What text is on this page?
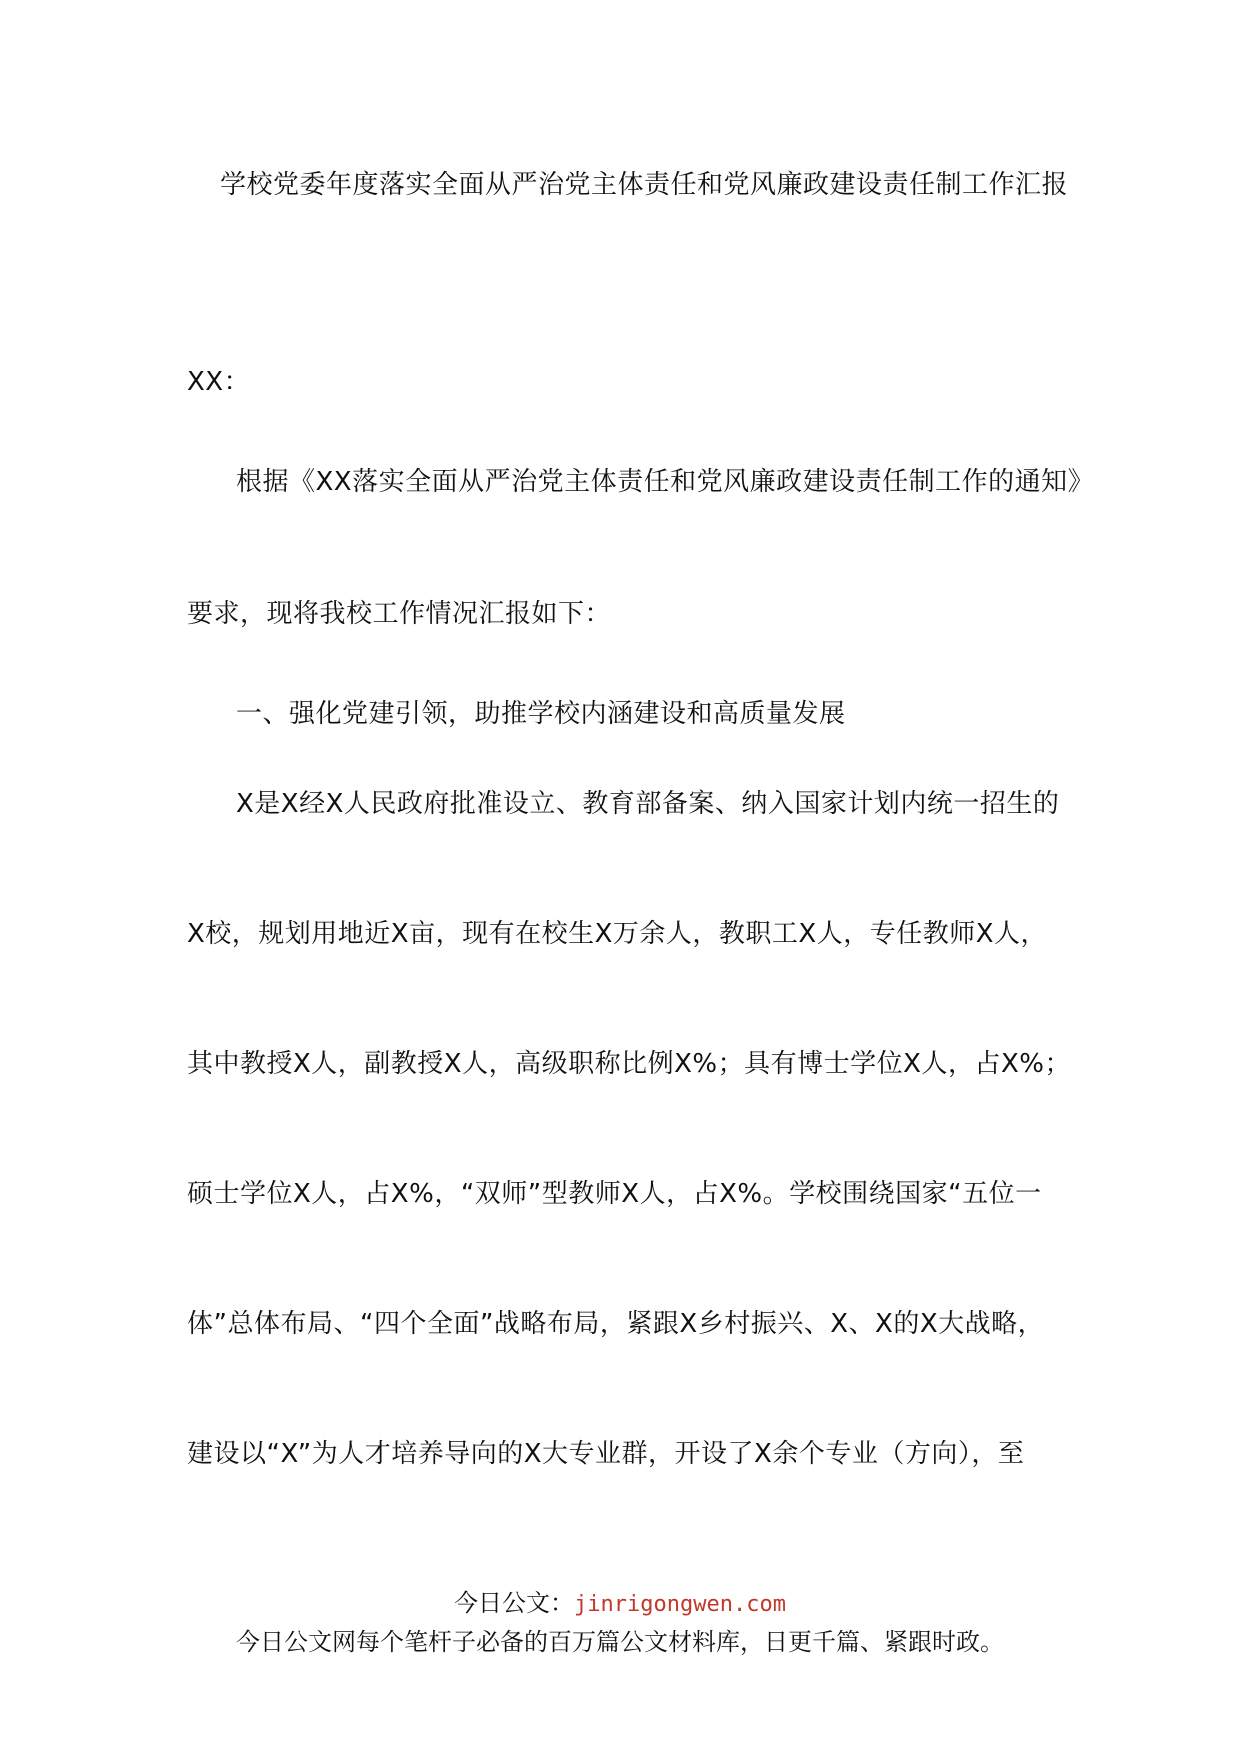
学校党委年度落实全面从严治党主体责任和党风廉政建设责任制工作汇报
XX：
根据《XX落实全面从严治党主体责任和党风廉政建设责任制工作的通知》
要求，现将我校工作情况汇报如下：
一、强化党建引领，助推学校内涵建设和高质量发展
X是X经X人民政府批准设立、教育部备案、纳入国家计划内统一招生的
X校，规划用地近X亩，现有在校生X万余人，教职工X人，专任教师X人，
其中教授X人，副教授X人，高级职称比例X%；具有博士学位X人，占X%；
硕士学位X人，占X%，“双师”型教师X人，占X%。学校围绕国家“五位一
体”总体布局、“四个全面”战略布局，紧跟X乡村振兴、X、X的X大战略，
建设以“X”为人才培养导向的X大专业群，开设了X余个专业（方向），至
今日公文：jinrigongwen.com
今日公文网每个笔杆子必备的百万篇公文材料库，日更千篇、紧跟时政。
